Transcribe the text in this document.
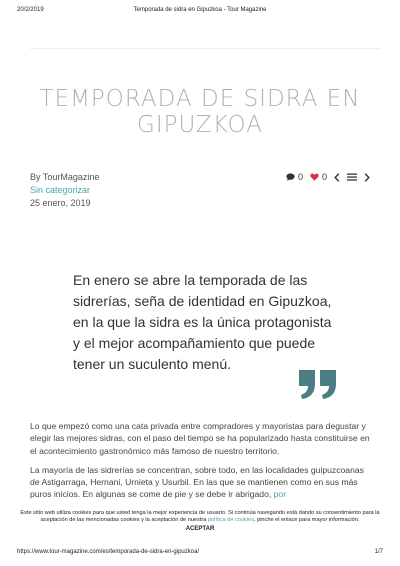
20/2/2019	Temporada de sidra en Gipuzkoa - Tour Magazine
TEMPORADA DE SIDRA EN
GIPUZKOA
By TourMagazine
Sin categorizar
25 enero, 2019
0 0
En enero se abre la temporada de las
sidrerías, seña de identidad en Gipuzkoa,
en la que la sidra es la única protagonista
y el mejor acompañamiento que puede
tener un suculento menú.

Lo que empezó como una cata privada entre compradores y mayoristas para degustar y elegir las mejores sidras, con el paso del tiempo se ha popularizado hasta constituirse en el acontecimiento gastronómico más famoso de nuestro territorio.

La mayoría de las sidrerías se concentran, sobre todo, en las localidades guipuzcoanas de Astigarraga, Hernani, Urnieta y Usurbil. En las que se mantienen como en sus más puros inicios. En algunas se come de pie y se debe ir abrigado, por

Este sitio web utiliza cookies para que usted tenga la mejor experiencia de usuario. Si continúa navegando está dando su consentimiento para la aceptación de las mencionadas cookies y la aceptación de nuestra política de cookies, pinche el enlace para mayor información.
ACEPTAR
https://www.tour-magazine.com/es/temporada-de-sidra-en-gipuzkoa/	1/7
